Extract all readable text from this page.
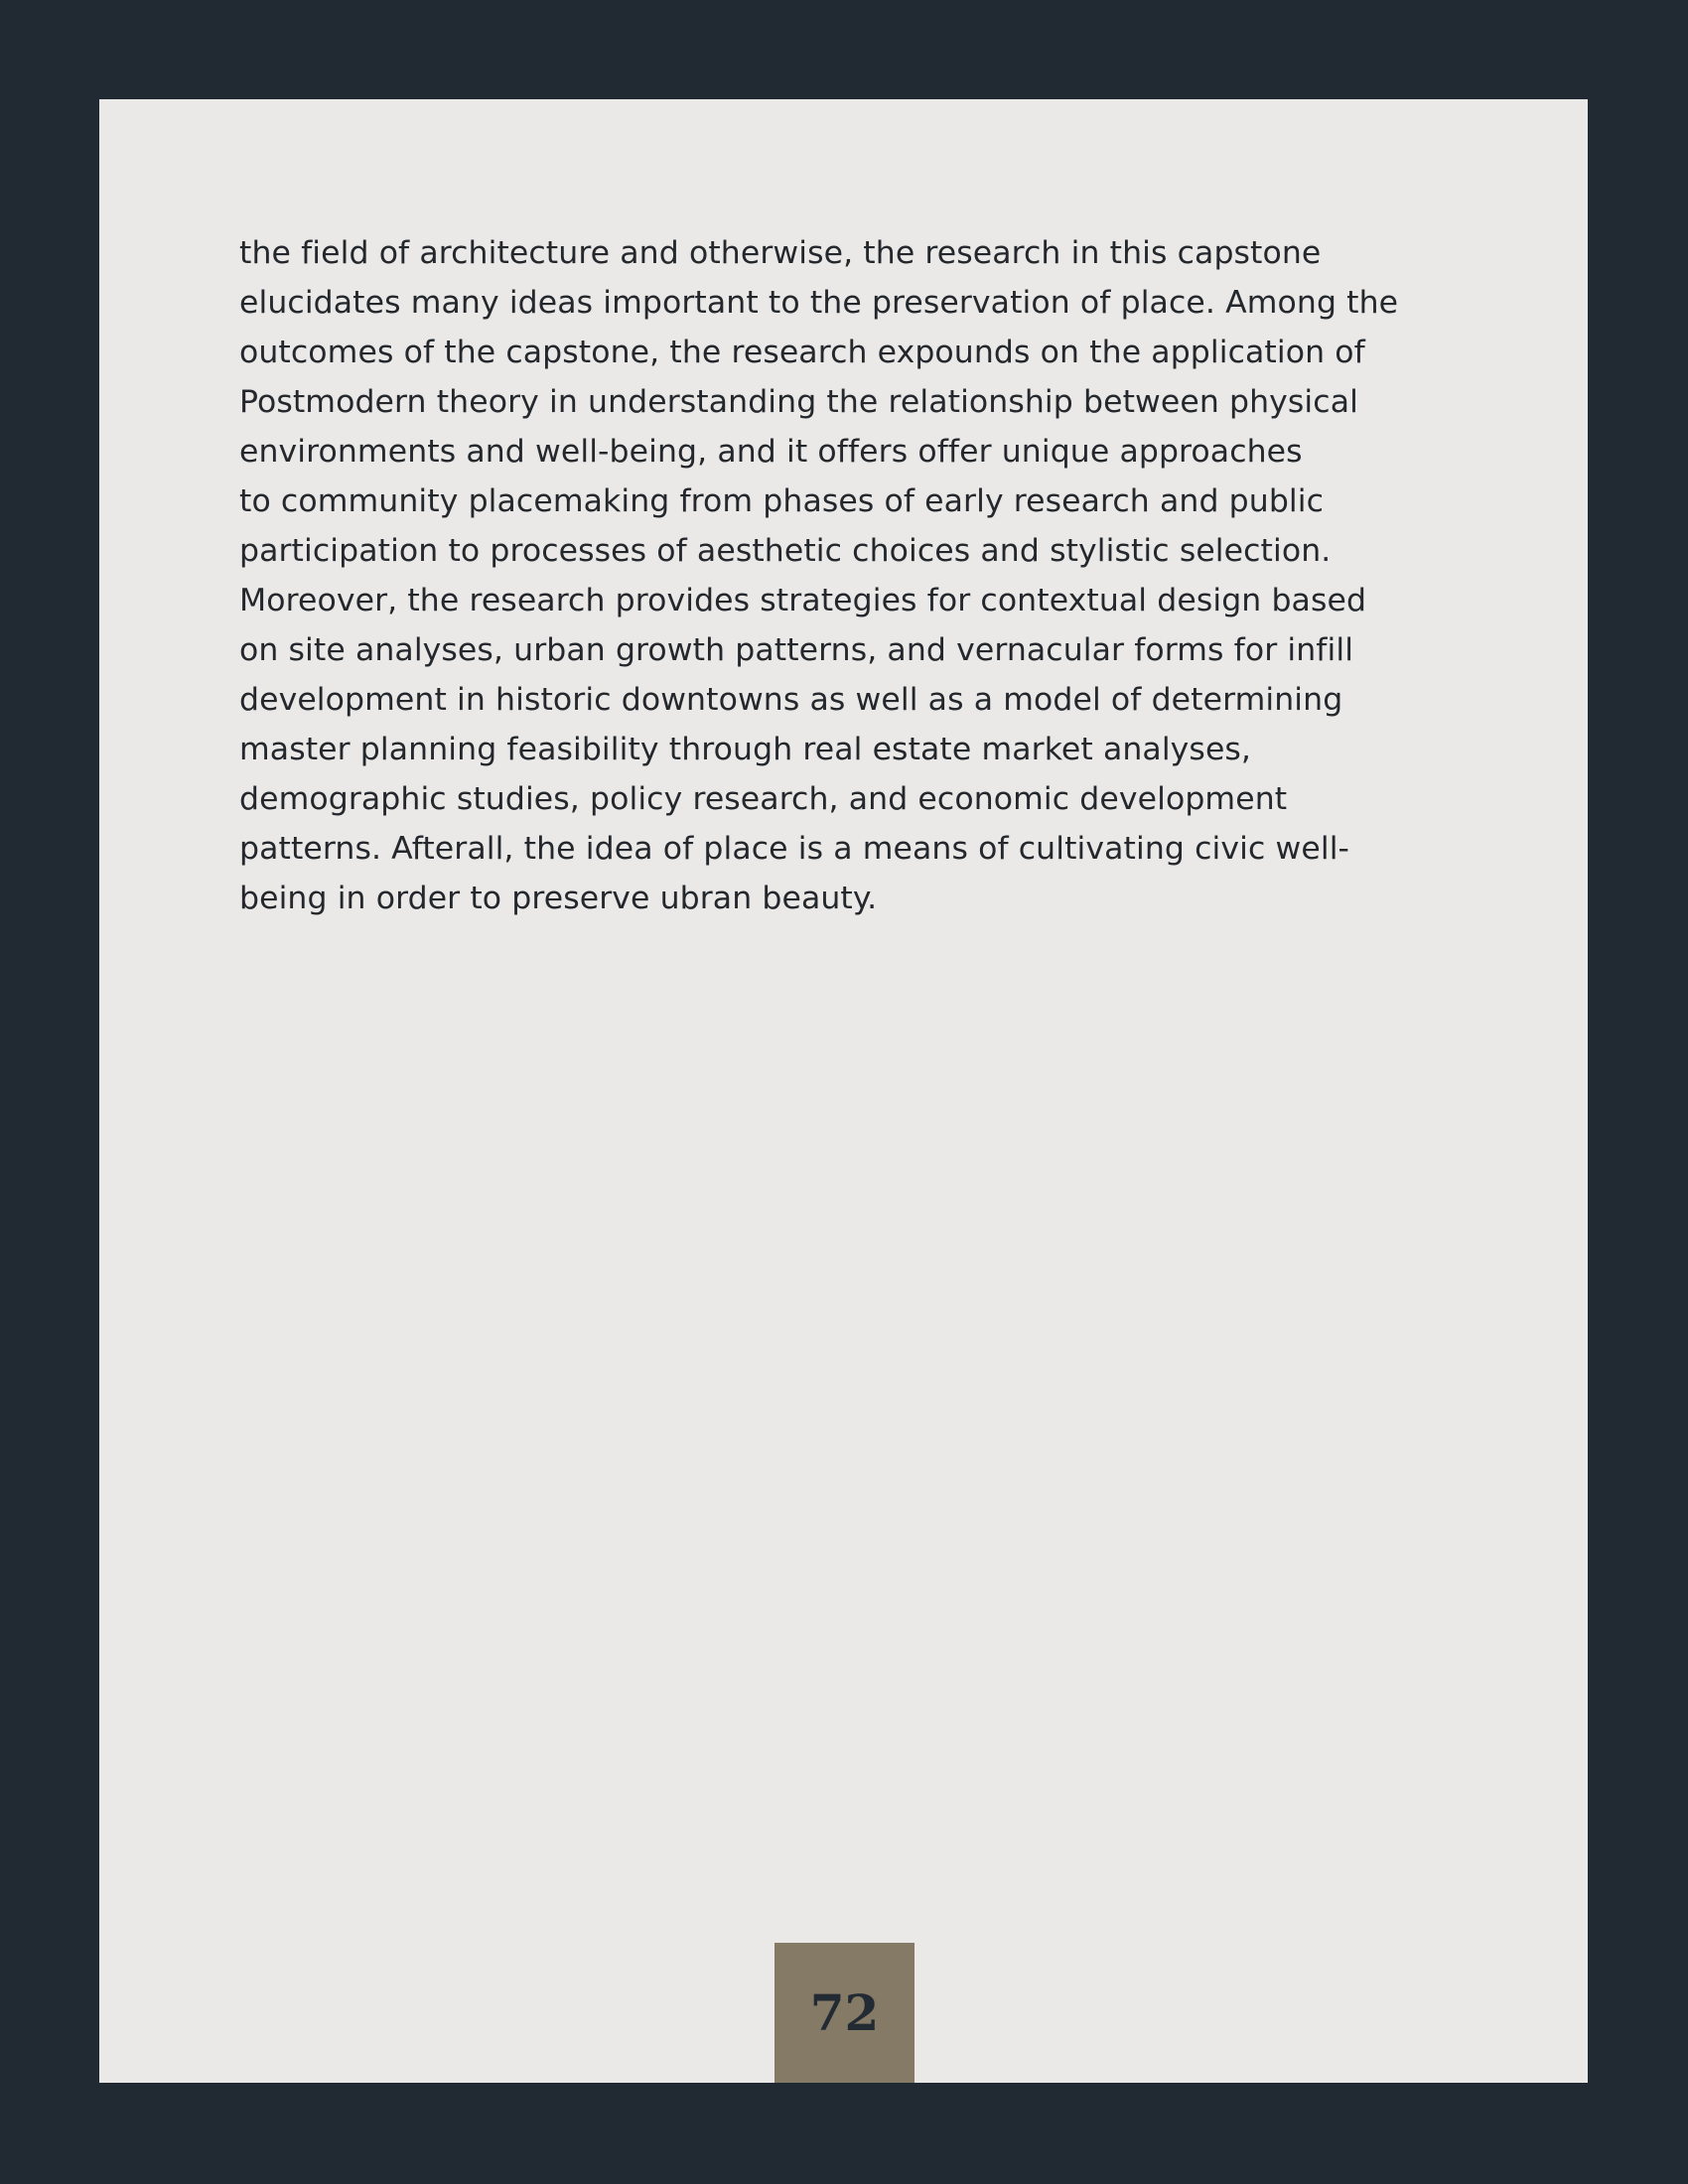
the field of architecture and otherwise, the research in this capstone
elucidates many ideas important to the preservation of place. Among the
outcomes of the capstone, the research expounds on the application of
Postmodern theory in understanding the relationship between physical
environments and well-being, and it offers offer unique approaches
to community placemaking from phases of early research and public
participation to processes of aesthetic choices and stylistic selection.
Moreover, the research provides strategies for contextual design based
on site analyses, urban growth patterns, and vernacular forms for infill
development in historic downtowns as well as a model of determining
master planning feasibility through real estate market analyses,
demographic studies, policy research, and economic development
patterns. Afterall, the idea of place is a means of cultivating civic well-
being in order to preserve ubran beauty.

72
